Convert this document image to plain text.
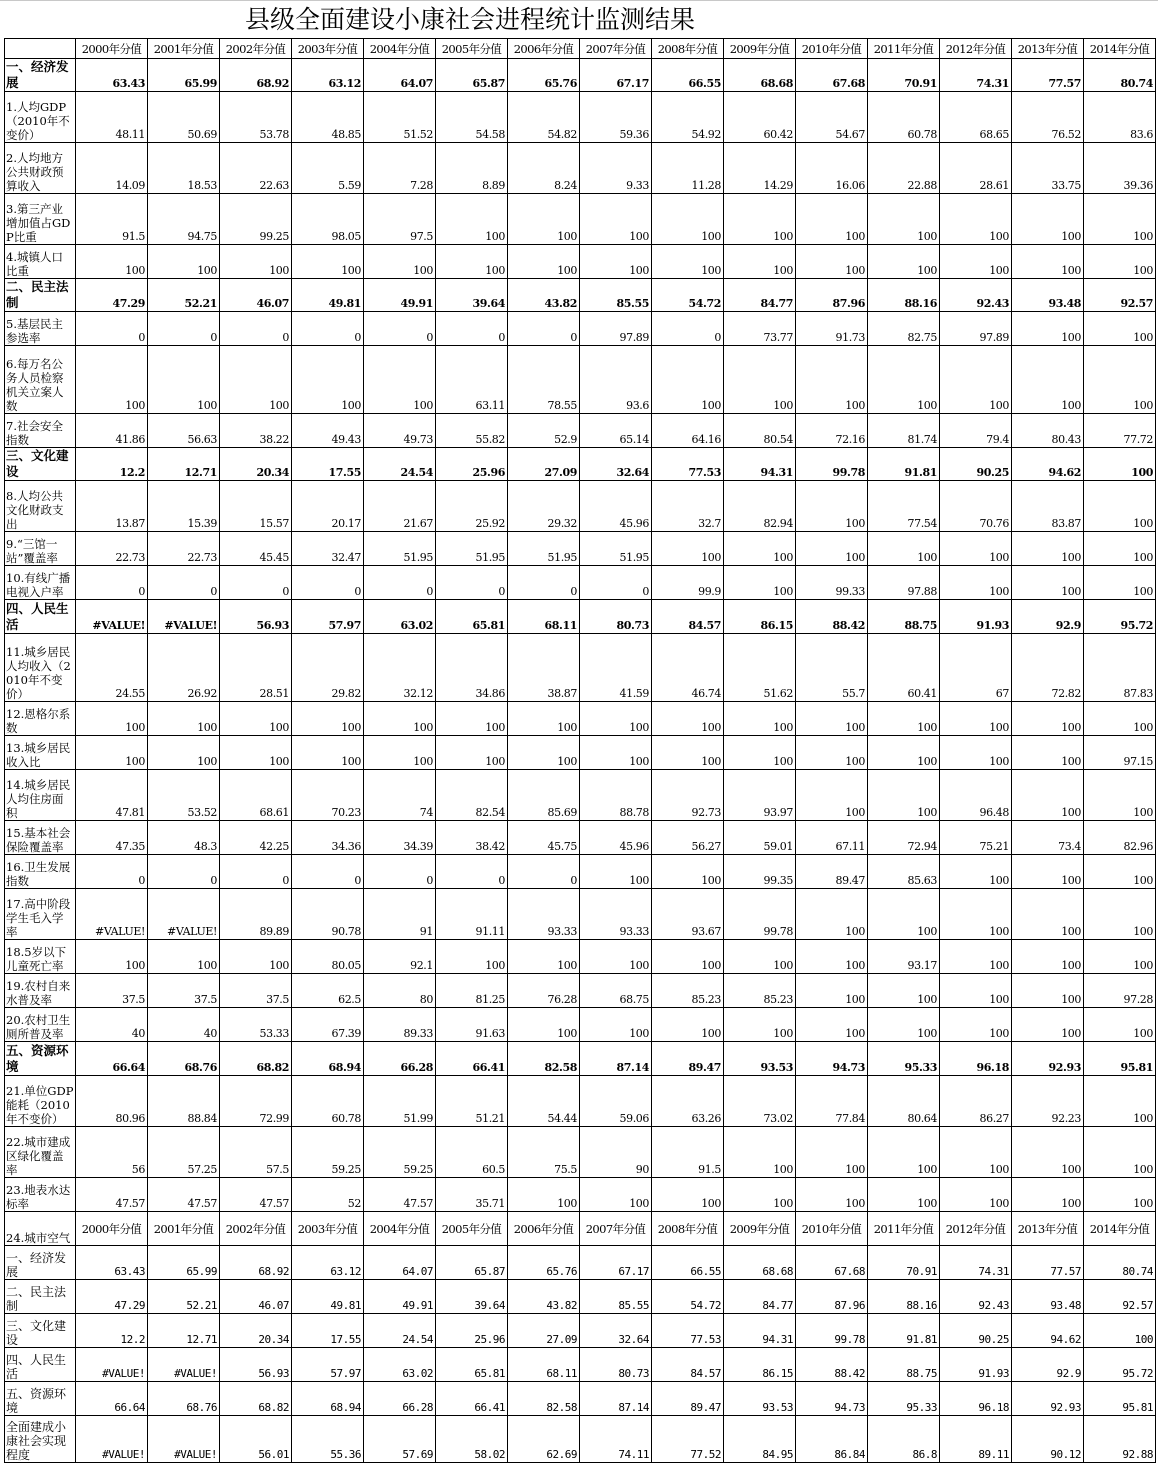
县级全面建设小康社会进程统计监测结果
	2000年分值	2001年分值	2002年分值	2003年分值	2004年分值	2005年分值	2006年分值	2007年分值	2008年分值	2009年分值	2010年分值	2011年分值	2012年分值	2013年分值	2014年分值
一、经济发展	63.43	65.99	68.92	63.12	64.07	65.87	65.76	67.17	66.55	68.68	67.68	70.91	74.31	77.57	80.74
1.人均GDP（2010年不变价）	48.11	50.69	53.78	48.85	51.52	54.58	54.82	59.36	54.92	60.42	54.67	60.78	68.65	76.52	83.6
2.人均地方公共财政预算收入	14.09	18.53	22.63	5.59	7.28	8.89	8.24	9.33	11.28	14.29	16.06	22.88	28.61	33.75	39.36
3.第三产业增加值占GDP比重	91.5	94.75	99.25	98.05	97.5	100	100	100	100	100	100	100	100	100	100
4.城镇人口比重	100	100	100	100	100	100	100	100	100	100	100	100	100	100	100
二、民主法制	47.29	52.21	46.07	49.81	49.91	39.64	43.82	85.55	54.72	84.77	87.96	88.16	92.43	93.48	92.57
5.基层民主参选率	0	0	0	0	0	0	0	97.89	0	73.77	91.73	82.75	97.89	100	100
6.每万名公务人员检察机关立案人数	100	100	100	100	100	63.11	78.55	93.6	100	100	100	100	100	100	100
7.社会安全指数	41.86	56.63	38.22	49.43	49.73	55.82	52.9	65.14	64.16	80.54	72.16	81.74	79.4	80.43	77.72
三、文化建设	12.2	12.71	20.34	17.55	24.54	25.96	27.09	32.64	77.53	94.31	99.78	91.81	90.25	94.62	100
8.人均公共文化财政支出	13.87	15.39	15.57	20.17	21.67	25.92	29.32	45.96	32.7	82.94	100	77.54	70.76	83.87	100
9.“三馆一站”覆盖率	22.73	22.73	45.45	32.47	51.95	51.95	51.95	51.95	100	100	100	100	100	100	100
10.有线广播电视入户率	0	0	0	0	0	0	0	0	99.9	100	99.33	97.88	100	100	100
四、人民生活	#VALUE!	#VALUE!	56.93	57.97	63.02	65.81	68.11	80.73	84.57	86.15	88.42	88.75	91.93	92.9	95.72
11.城乡居民人均收入（2010年不变价）	24.55	26.92	28.51	29.82	32.12	34.86	38.87	41.59	46.74	51.62	55.7	60.41	67	72.82	87.83
12.恩格尔系数	100	100	100	100	100	100	100	100	100	100	100	100	100	100	100
13.城乡居民收入比	100	100	100	100	100	100	100	100	100	100	100	100	100	100	97.15
14.城乡居民人均住房面积	47.81	53.52	68.61	70.23	74	82.54	85.69	88.78	92.73	93.97	100	100	96.48	100	100
15.基本社会保险覆盖率	47.35	48.3	42.25	34.36	34.39	38.42	45.75	45.96	56.27	59.01	67.11	72.94	75.21	73.4	82.96
16.卫生发展指数	0	0	0	0	0	0	0	100	100	99.35	89.47	85.63	100	100	100
17.高中阶段学生毛入学率	#VALUE!	#VALUE!	89.89	90.78	91	91.11	93.33	93.33	93.67	99.78	100	100	100	100	100
18.5岁以下儿童死亡率	100	100	100	80.05	92.1	100	100	100	100	100	100	93.17	100	100	100
19.农村自来水普及率	37.5	37.5	37.5	62.5	80	81.25	76.28	68.75	85.23	85.23	100	100	100	100	97.28
20.农村卫生厕所普及率	40	40	53.33	67.39	89.33	91.63	100	100	100	100	100	100	100	100	100
五、资源环境	66.64	68.76	68.82	68.94	66.28	66.41	82.58	87.14	89.47	93.53	94.73	95.33	96.18	92.93	95.81
21.单位GDP能耗（2010年不变价）	80.96	88.84	72.99	60.78	51.99	51.21	54.44	59.06	63.26	73.02	77.84	80.64	86.27	92.23	100
22.城市建成区绿化覆盖率	56	57.25	57.5	59.25	59.25	60.5	75.5	90	91.5	100	100	100	100	100	100
23.地表水达标率	47.57	47.57	47.57	52	47.57	35.71	100	100	100	100	100	100	100	100	100
24.城市空气	2000年分值	2001年分值	2002年分值	2003年分值	2004年分值	2005年分值	2006年分值	2007年分值	2008年分值	2009年分值	2010年分值	2011年分值	2012年分值	2013年分值	2014年分值
一、经济发展	63.43	65.99	68.92	63.12	64.07	65.87	65.76	67.17	66.55	68.68	67.68	70.91	74.31	77.57	80.74
二、民主法制	47.29	52.21	46.07	49.81	49.91	39.64	43.82	85.55	54.72	84.77	87.96	88.16	92.43	93.48	92.57
三、文化建设	12.2	12.71	20.34	17.55	24.54	25.96	27.09	32.64	77.53	94.31	99.78	91.81	90.25	94.62	100
四、人民生活	#VALUE!	#VALUE!	56.93	57.97	63.02	65.81	68.11	80.73	84.57	86.15	88.42	88.75	91.93	92.9	95.72
五、资源环境	66.64	68.76	68.82	68.94	66.28	66.41	82.58	87.14	89.47	93.53	94.73	95.33	96.18	92.93	95.81
全面建成小康社会实现程度	#VALUE!	#VALUE!	56.01	55.36	57.69	58.02	62.69	74.11	77.52	84.95	86.84	86.8	89.11	90.12	92.88
